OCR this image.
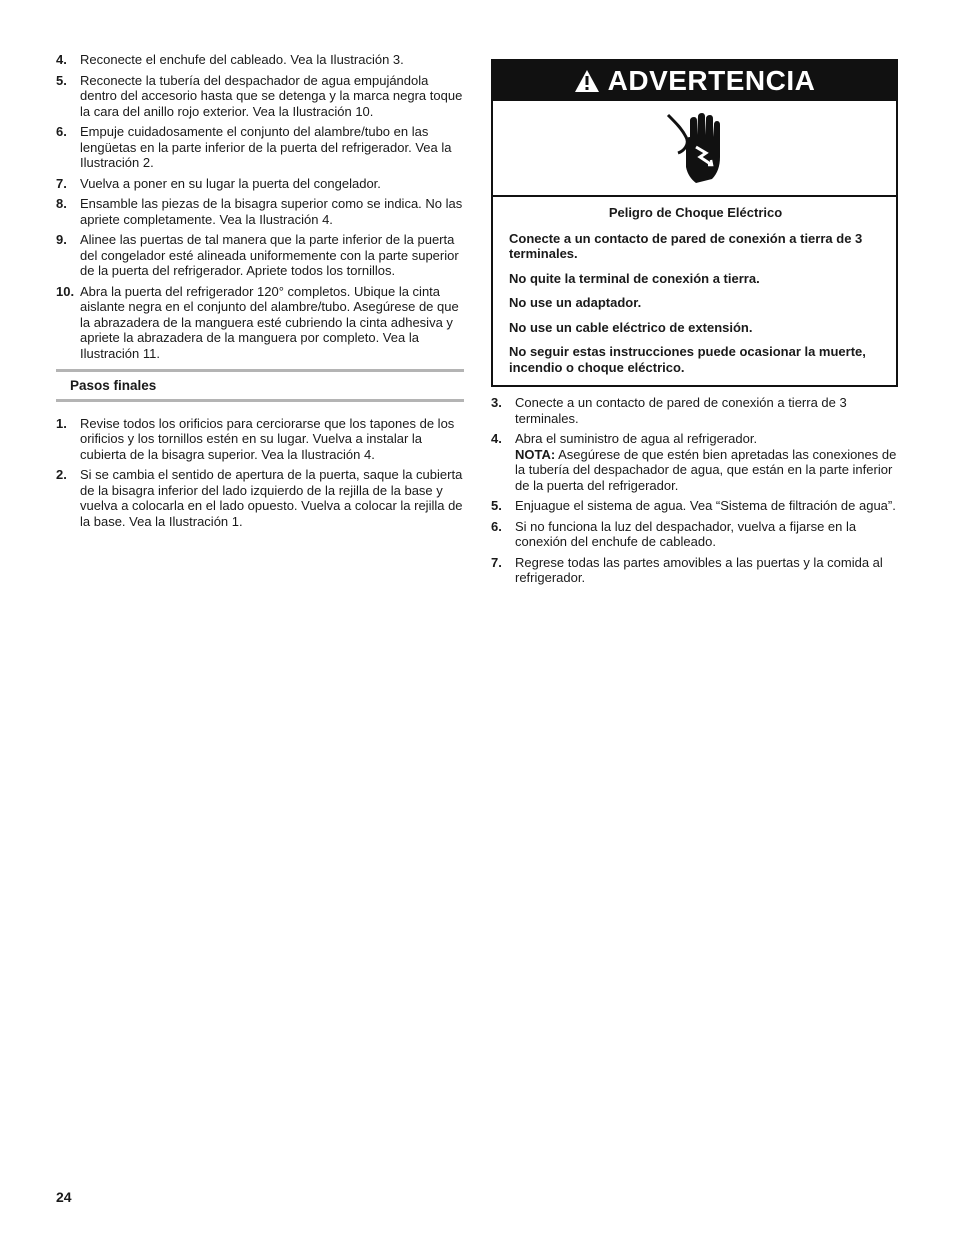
4. Reconecte el enchufe del cableado. Vea la Ilustración 3.

5. Reconecte la tubería del despachador de agua empujándola dentro del accesorio hasta que se detenga y la marca negra toque la cara del anillo rojo exterior. Vea la Ilustración 10.

6. Empuje cuidadosamente el conjunto del alambre/tubo en las lengüetas en la parte inferior de la puerta del refrigerador. Vea la Ilustración 2.

7. Vuelva a poner en su lugar la puerta del congelador.

8. Ensamble las piezas de la bisagra superior como se indica. No las apriete completamente. Vea la Ilustración 4.

9. Alinee las puertas de tal manera que la parte inferior de la puerta del congelador esté alineada uniformemente con la parte superior de la puerta del refrigerador. Apriete todos los tornillos.

10. Abra la puerta del refrigerador 120° completos. Ubique la cinta aislante negra en el conjunto del alambre/tubo. Asegúrese de que la abrazadera de la manguera esté cubriendo la cinta adhesiva y apriete la abrazadera de la manguera por completo. Vea la Ilustración 11.

Pasos finales
1. Revise todos los orificios para cerciorarse que los tapones de los orificios y los tornillos estén en su lugar. Vuelva a instalar la cubierta de la bisagra superior. Vea la Ilustración 4.

2. Si se cambia el sentido de apertura de la puerta, saque la cubierta de la bisagra inferior del lado izquierdo de la rejilla de la base y vuelva a colocarla en el lado opuesto. Vuelva a colocar la rejilla de la base. Vea la Ilustración 1.

ADVERTENCIA
Peligro de Choque Eléctrico

Conecte a un contacto de pared de conexión a tierra de 3 terminales.

No quite la terminal de conexión a tierra.

No use un adaptador.

No use un cable eléctrico de extensión.

No seguir estas instrucciones puede ocasionar la muerte, incendio o choque eléctrico.

3. Conecte a un contacto de pared de conexión a tierra de 3 terminales.

4. Abra el suministro de agua al refrigerador.

NOTA: Asegúrese de que estén bien apretadas las conexiones de la tubería del despachador de agua, que están en la parte inferior de la puerta del refrigerador.

5. Enjuague el sistema de agua. Vea “Sistema de filtración de agua”.

6. Si no funciona la luz del despachador, vuelva a fijarse en la conexión del enchufe de cableado.

7. Regrese todas las partes amovibles a las puertas y la comida al refrigerador.

24
